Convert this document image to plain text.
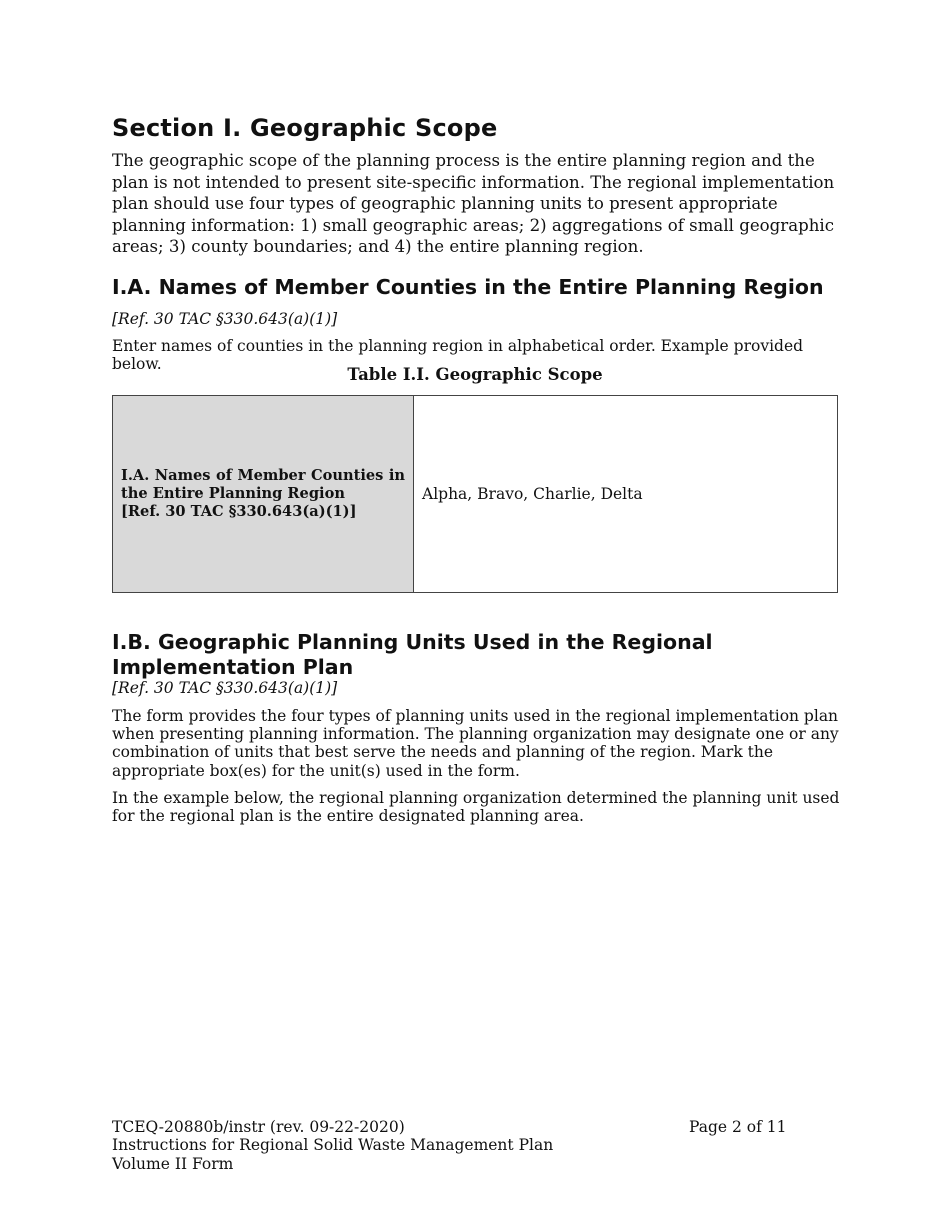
Section I. Geographic Scope

The geographic scope of the planning process is the entire planning region and the plan is not intended to present site-specific information. The regional implementation plan should use four types of geographic planning units to present appropriate planning information: 1) small geographic areas; 2) aggregations of small geographic areas; 3) county boundaries; and 4) the entire planning region.

I.A. Names of Member Counties in the Entire Planning Region

[Ref. 30 TAC §330.643(a)(1)]

Enter names of counties in the planning region in alphabetical order. Example provided below.

Table I.I. Geographic Scope
I.A. Names of Member Counties in the Entire Planning Region
[Ref. 30 TAC §330.643(a)(1)]
	Alpha, Bravo, Charlie, Delta
I.B. Geographic Planning Units Used in the Regional Implementation Plan

[Ref. 30 TAC §330.643(a)(1)]

The form provides the four types of planning units used in the regional implementation plan when presenting planning information. The planning organization may designate one or any combination of units that best serve the needs and planning of the region. Mark the appropriate box(es) for the unit(s) used in the form.

In the example below, the regional planning organization determined the planning unit used for the regional plan is the entire designated planning area.

TCEQ-20880b/instr (rev. 09-22-2020)
Instructions for Regional Solid Waste Management Plan
Volume II Form
Page 2 of 11
